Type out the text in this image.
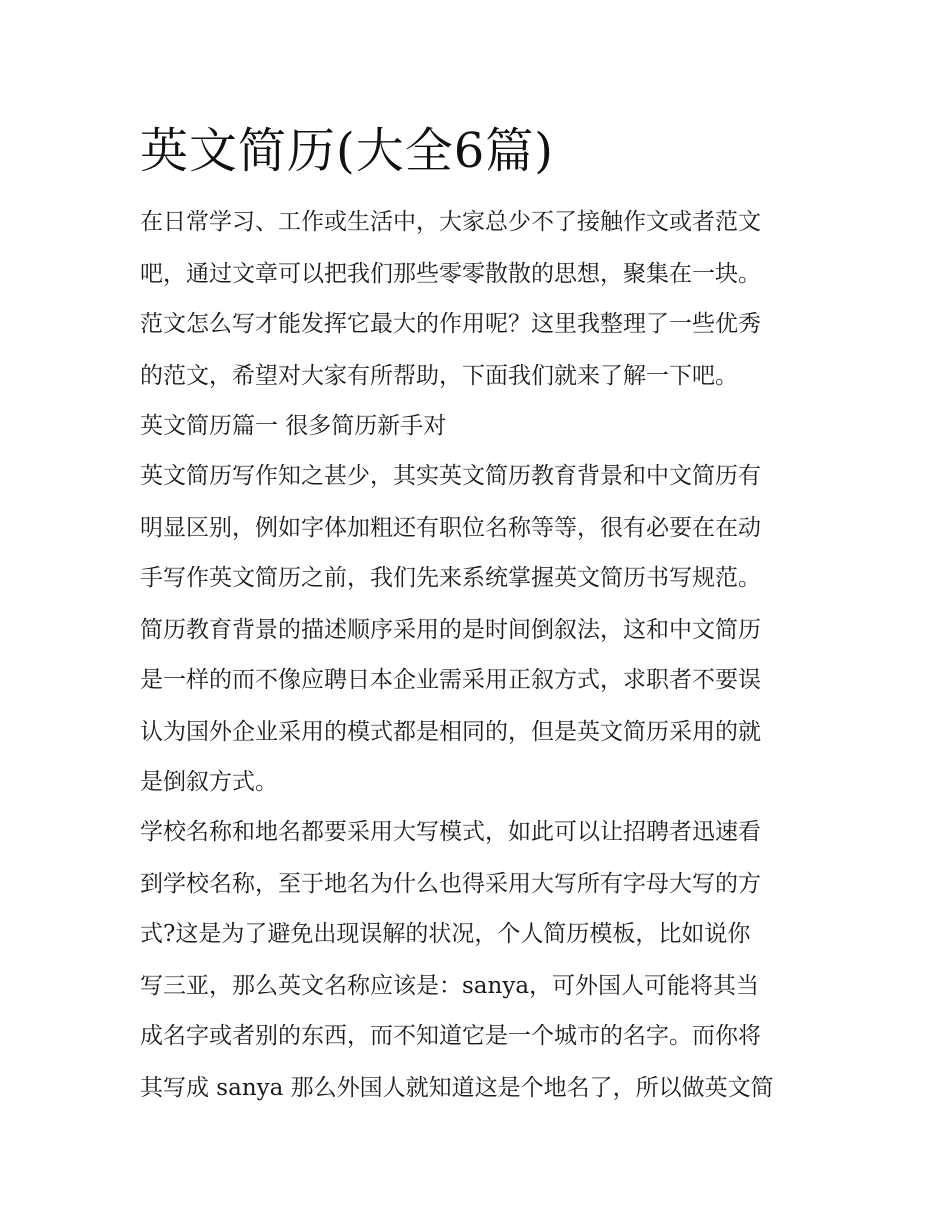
英文简历(大全6篇)

在日常学习、工作或生活中，大家总少不了接触作文或者范文

吧，通过文章可以把我们那些零零散散的思想，聚集在一块。

范文怎么写才能发挥它最大的作用呢？这里我整理了一些优秀

的范文，希望对大家有所帮助，下面我们就来了解一下吧。

英文简历篇一 很多简历新手对

英文简历写作知之甚少，其实英文简历教育背景和中文简历有

明显区别，例如字体加粗还有职位名称等等，很有必要在在动

手写作英文简历之前，我们先来系统掌握英文简历书写规范。

简历教育背景的描述顺序采用的是时间倒叙法，这和中文简历

是一样的而不像应聘日本企业需采用正叙方式，求职者不要误

认为国外企业采用的模式都是相同的，但是英文简历采用的就

是倒叙方式。

学校名称和地名都要采用大写模式，如此可以让招聘者迅速看

到学校名称，至于地名为什么也得采用大写所有字母大写的方

式?这是为了避免出现误解的状况，个人简历模板，比如说你

写三亚，那么英文名称应该是：sanya，可外国人可能将其当

成名字或者别的东西，而不知道它是一个城市的名字。而你将

其写成 sanya 那么外国人就知道这是个地名了，所以做英文简
